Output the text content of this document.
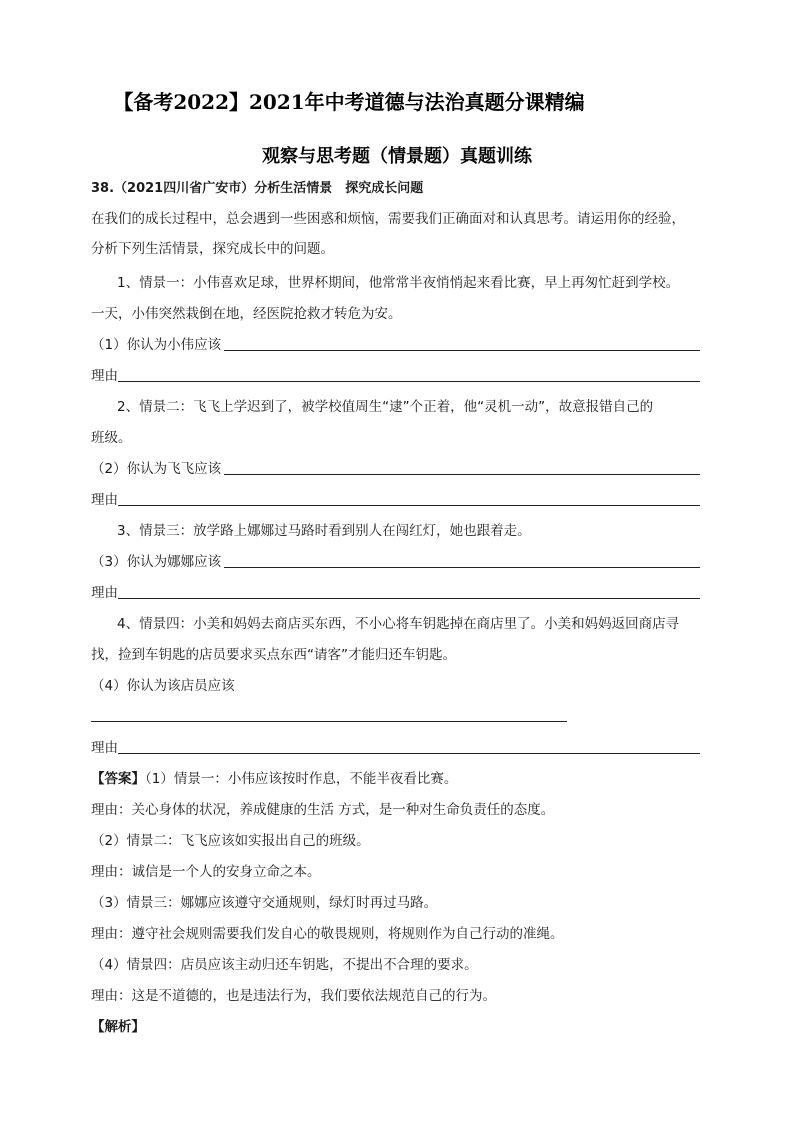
【备考2022】2021年中考道德与法治真题分课精编
观察与思考题（情景题）真题训练
38.（2021四川省广安市）分析生活情景　探究成长问题
在我们的成长过程中，总会遇到一些困惑和烦恼，需要我们正确面对和认真思考。请运用你的经验，
分析下列生活情景，探究成长中的问题。
1、情景一：小伟喜欢足球，世界杯期间，他常常半夜悄悄起来看比赛，早上再匆忙赶到学校。
一天，小伟突然栽倒在地，经医院抢救才转危为安。
（1）你认为小伟应该
理由
2、情景二：飞飞上学迟到了，被学校值周生“逮”个正着，他“灵机一动”，故意报错自己的
班级。
（2）你认为飞飞应该
理由
3、情景三：放学路上娜娜过马路时看到别人在闯红灯，她也跟着走。
（3）你认为娜娜应该
理由
4、情景四：小美和妈妈去商店买东西，不小心将车钥匙掉在商店里了。小美和妈妈返回商店寻
找，捡到车钥匙的店员要求买点东西“请客”才能归还车钥匙。
（4）你认为该店员应该
理由
【答案】（1）情景一：小伟应该按时作息，不能半夜看比赛。
理由：关心身体的状况，养成健康的生活 方式，是一种对生命负责任的态度。
（2）情景二：飞飞应该如实报出自己的班级。
理由：诚信是一个人的安身立命之本。
（3）情景三：娜娜应该遵守交通规则，绿灯时再过马路。
理由：遵守社会规则需要我们发自心的敬畏规则，将规则作为自己行动的准绳。
（4）情景四：店员应该主动归还车钥匙，不提出不合理的要求。
理由：这是不道德的，也是违法行为，我们要依法规范自己的行为。
【解析】
